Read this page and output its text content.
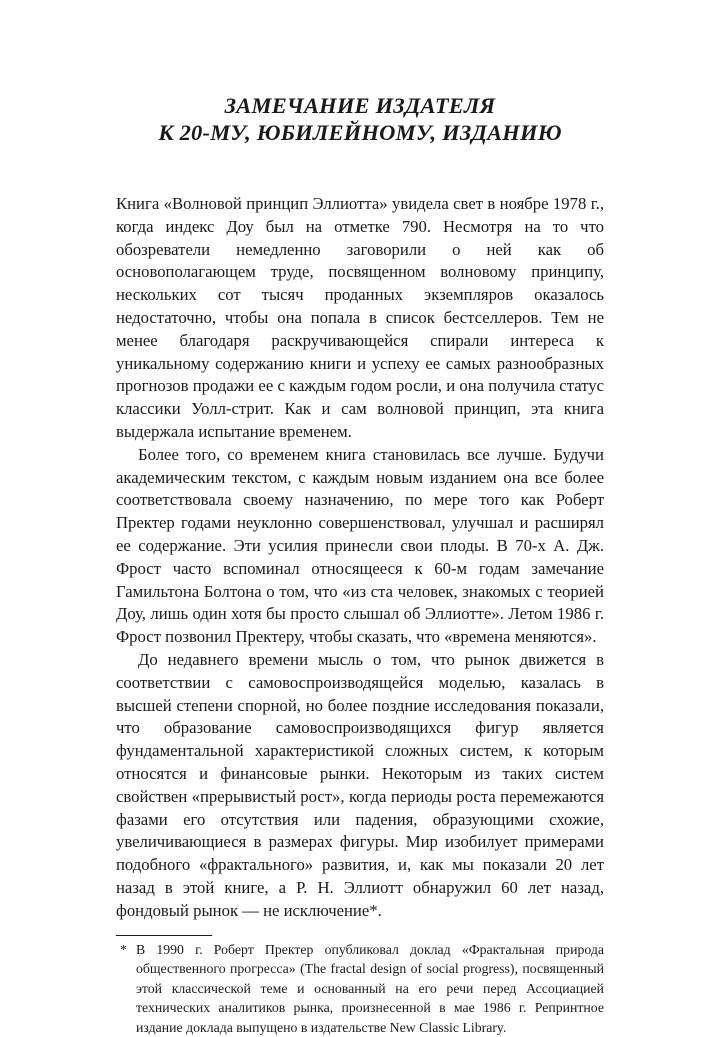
ЗАМЕЧАНИЕ ИЗДАТЕЛЯ
К 20-МУ, ЮБИЛЕЙНОМУ, ИЗДАНИЮ

Книга «Волновой принцип Эллиотта» увидела свет в ноябре 1978 г., когда индекс Доу был на отметке 790. Несмотря на то что обозреватели немедленно заговорили о ней как об основополагающем труде, посвященном волновому принципу, нескольких сот тысяч проданных экземпляров оказалось недостаточно, чтобы она попала в список бестселлеров. Тем не менее благодаря раскручивающейся спирали интереса к уникальному содержанию книги и успеху ее самых разнообразных прогнозов продажи ее с каждым годом росли, и она получила статус классики Уолл-стрит. Как и сам волновой принцип, эта книга выдержала испытание временем.

Более того, со временем книга становилась все лучше. Будучи академическим текстом, с каждым новым изданием она все более соответствовала своему назначению, по мере того как Роберт Пректер годами неуклонно совершенствовал, улучшал и расширял ее содержание. Эти усилия принесли свои плоды. В 70-х А. Дж. Фрост часто вспоминал относящееся к 60-м годам замечание Гамильтона Болтона о том, что «из ста человек, знакомых с теорией Доу, лишь один хотя бы просто слышал об Эллиотте». Летом 1986 г. Фрост позвонил Пректеру, чтобы сказать, что «времена меняются».

До недавнего времени мысль о том, что рынок движется в соответствии с самовоспроизводящейся моделью, казалась в высшей степени спорной, но более поздние исследования показали, что образование самовоспроизводящихся фигур является фундаментальной характеристикой сложных систем, к которым относятся и финансовые рынки. Некоторым из таких систем свойствен «прерывистый рост», когда периоды роста перемежаются фазами его отсутствия или падения, образующими схожие, увеличивающиеся в размерах фигуры. Мир изобилует примерами подобного «фрактального» развития, и, как мы показали 20 лет назад в этой книге, а Р. Н. Эллиотт обнаружил 60 лет назад, фондовый рынок — не исключение*.

* В 1990 г. Роберт Пректер опубликовал доклад «Фрактальная природа общественного прогресса» (The fractal design of social progress), посвященный этой классической теме и основанный на его речи перед Ассоциацией технических аналитиков рынка, произнесенной в мае 1986 г. Репринтное издание доклада выпущено в издательстве New Classic Library.
